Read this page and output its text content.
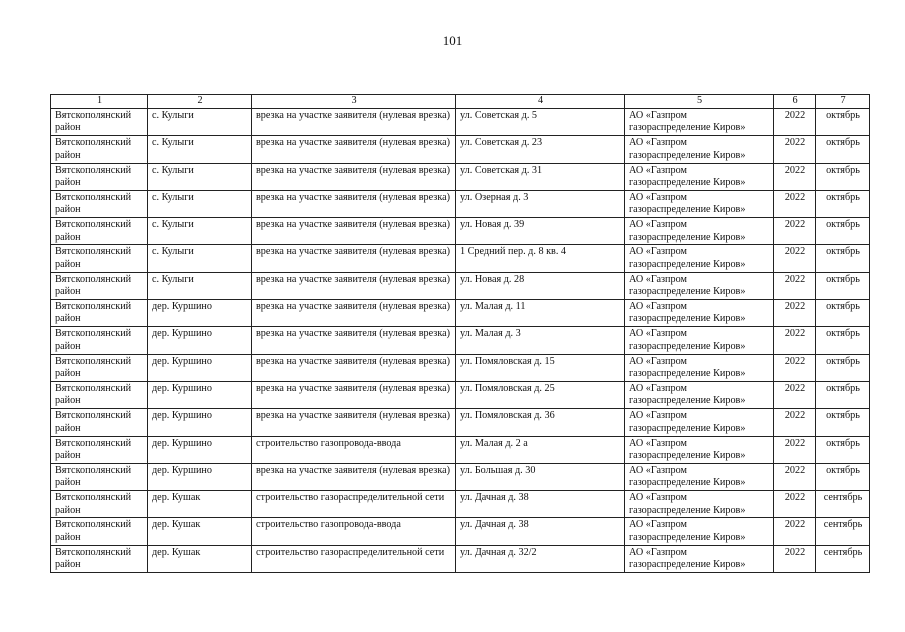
101
1	2	3	4	5	6	7
Вятскополянский район	с. Кулыги	врезка на участке заявителя (нулевая врезка)	ул. Советская д. 5	АО «Газпром газораспределение Киров»	2022	октябрь
Вятскополянский район	с. Кулыги	врезка на участке заявителя (нулевая врезка)	ул. Советская д. 23	АО «Газпром газораспределение Киров»	2022	октябрь
Вятскополянский район	с. Кулыги	врезка на участке заявителя (нулевая врезка)	ул. Советская д. 31	АО «Газпром газораспределение Киров»	2022	октябрь
Вятскополянский район	с. Кулыги	врезка на участке заявителя (нулевая врезка)	ул. Озерная д. 3	АО «Газпром газораспределение Киров»	2022	октябрь
Вятскополянский район	с. Кулыги	врезка на участке заявителя (нулевая врезка)	ул. Новая д. 39	АО «Газпром газораспределение Киров»	2022	октябрь
Вятскополянский район	с. Кулыги	врезка на участке заявителя (нулевая врезка)	1 Средний пер. д. 8 кв. 4	АО «Газпром газораспределение Киров»	2022	октябрь
Вятскополянский район	с. Кулыги	врезка на участке заявителя (нулевая врезка)	ул. Новая д. 28	АО «Газпром газораспределение Киров»	2022	октябрь
Вятскополянский район	дер. Куршино	врезка на участке заявителя (нулевая врезка)	ул. Малая д. 11	АО «Газпром газораспределение Киров»	2022	октябрь
Вятскополянский район	дер. Куршино	врезка на участке заявителя (нулевая врезка)	ул. Малая д. 3	АО «Газпром газораспределение Киров»	2022	октябрь
Вятскополянский район	дер. Куршино	врезка на участке заявителя (нулевая врезка)	ул. Помяловская д. 15	АО «Газпром газораспределение Киров»	2022	октябрь
Вятскополянский район	дер. Куршино	врезка на участке заявителя (нулевая врезка)	ул. Помяловская д. 25	АО «Газпром газораспределение Киров»	2022	октябрь
Вятскополянский район	дер. Куршино	врезка на участке заявителя (нулевая врезка)	ул. Помяловская д. 36	АО «Газпром газораспределение Киров»	2022	октябрь
Вятскополянский район	дер. Куршино	строительство газопровода-ввода	ул. Малая д. 2 а	АО «Газпром газораспределение Киров»	2022	октябрь
Вятскополянский район	дер. Куршино	врезка на участке заявителя (нулевая врезка)	ул. Большая д. 30	АО «Газпром газораспределение Киров»	2022	октябрь
Вятскополянский район	дер. Кушак	строительство газораспределительной сети	ул. Дачная д. 38	АО «Газпром газораспределение Киров»	2022	сентябрь
Вятскополянский район	дер. Кушак	строительство газопровода-ввода	ул. Дачная д. 38	АО «Газпром газораспределение Киров»	2022	сентябрь
Вятскополянский район	дер. Кушак	строительство газораспределительной сети	ул. Дачная д. 32/2	АО «Газпром газораспределение Киров»	2022	сентябрь
